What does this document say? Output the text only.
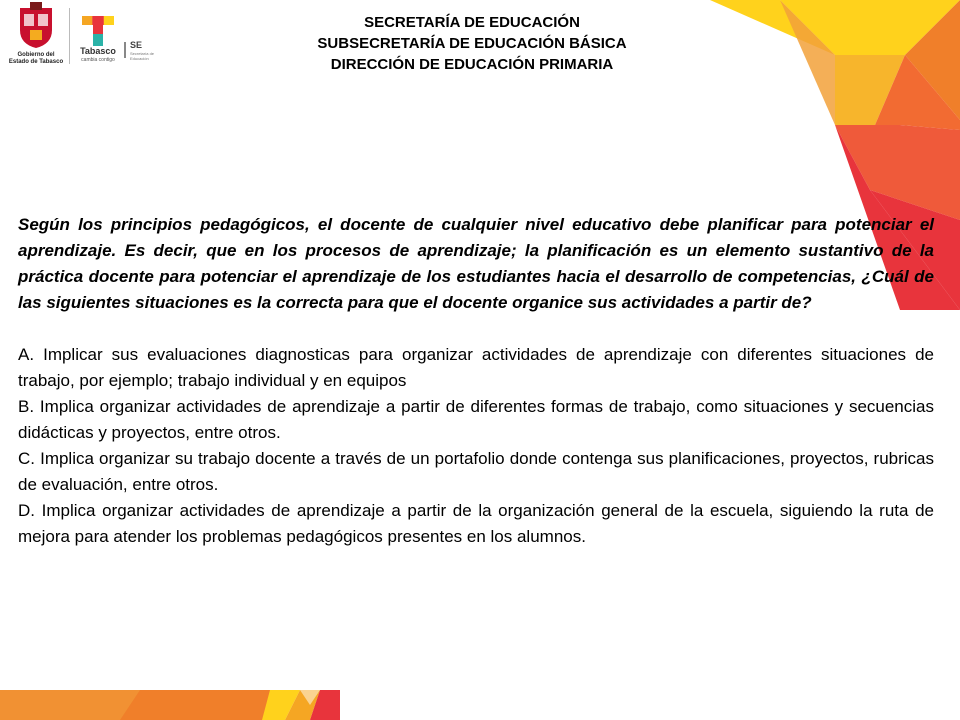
Gobierno del
Estado de Tabasco
Tabasco
cambia contigo
SE
Secretaría de Educación
SECRETARÍA DE EDUCACIÓN
SUBSECRETARÍA DE EDUCACIÓN BÁSICA
DIRECCIÓN DE EDUCACIÓN PRIMARIA

Según los principios pedagógicos, el docente de cualquier nivel educativo debe planificar para potenciar el aprendizaje. Es decir, que en los procesos de aprendizaje; la planificación es un elemento sustantivo de la práctica docente para potenciar el aprendizaje de los estudiantes hacia el desarrollo de competencias, ¿Cuál de las siguientes situaciones es la correcta para que el docente organice sus actividades a partir de?

A. Implicar sus evaluaciones diagnosticas para organizar actividades de aprendizaje con diferentes situaciones de trabajo, por ejemplo; trabajo individual y en equipos

B. Implica organizar actividades de aprendizaje a partir de diferentes formas de trabajo, como situaciones y secuencias didácticas y proyectos, entre otros.

C. Implica organizar su trabajo docente a través de un portafolio donde contenga sus planificaciones, proyectos, rubricas de evaluación, entre otros.

D. Implica organizar actividades de aprendizaje a partir de la organización general de la escuela, siguiendo la ruta de mejora para atender los problemas pedagógicos presentes en los alumnos.
